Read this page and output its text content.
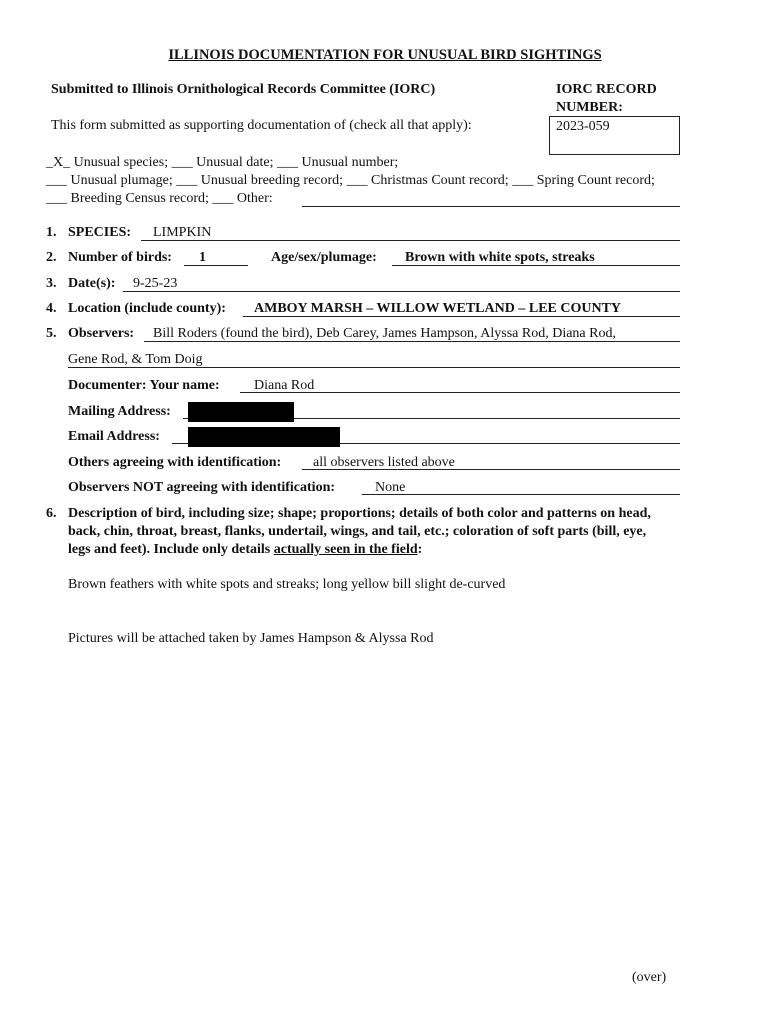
ILLINOIS DOCUMENTATION FOR UNUSUAL BIRD SIGHTINGS
Submitted to Illinois Ornithological Records Committee (IORC)
This form submitted as supporting documentation of (check all that apply):
IORC RECORD
NUMBER:
2023-059
_X_ Unusual species; ___ Unusual date; ___ Unusual number;
___ Unusual plumage; ___ Unusual breeding record; ___ Christmas Count record; ___ Spring Count record;
___ Breeding Census record; ___ Other:
1. SPECIES: LIMPKIN
2. Number of birds: 1	Age/sex/plumage: Brown with white spots, streaks
3. Date(s): 9-25-23
4. Location (include county): AMBOY MARSH – WILLOW WETLAND – LEE COUNTY
5. Observers: Bill Roders (found the bird), Deb Carey, James Hampson, Alyssa Rod, Diana Rod,
Gene Rod, & Tom Doig
Documenter: Your name: Diana Rod
Mailing Address:
Email Address:
Others agreeing with identification: all observers listed above
Observers NOT agreeing with identification:	None
6. Description of bird, including size; shape; proportions; details of both color and patterns on head,
back, chin, throat, breast, flanks, undertail, wings, and tail, etc.; coloration of soft parts (bill, eye,
legs and feet). Include only details actually seen in the field:
Brown feathers with white spots and streaks; long yellow bill slight de-curved
Pictures will be attached taken by James Hampson & Alyssa Rod
(over)
